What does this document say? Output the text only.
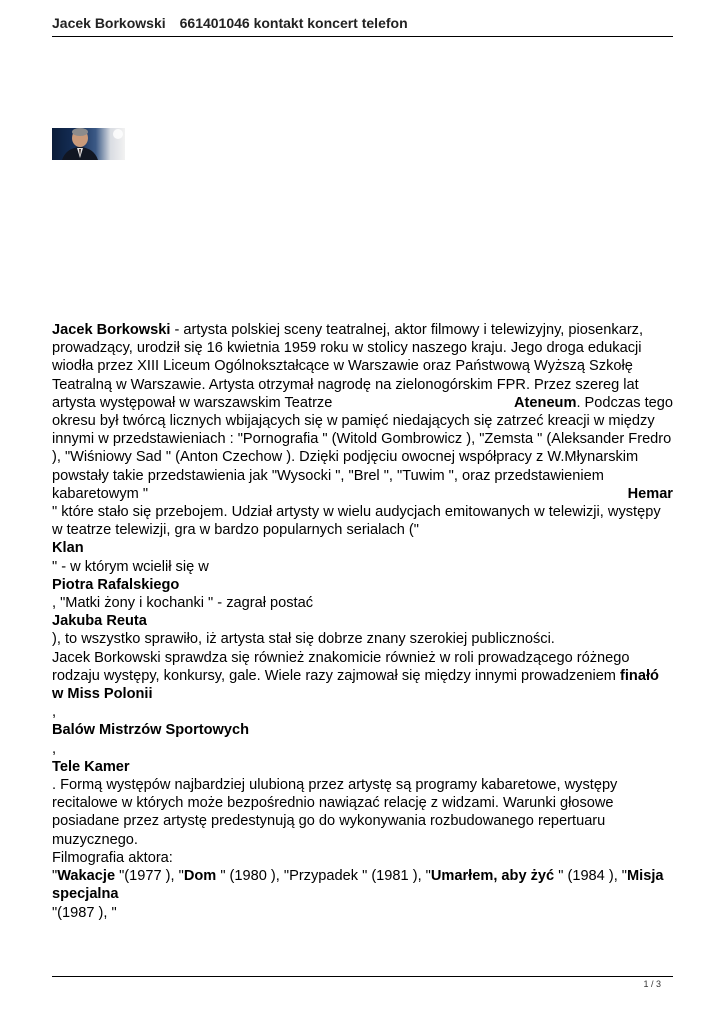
Jacek Borkowski 661401046 kontakt koncert telefon

Jacek Borkowski - artysta polskiej sceny teatralnej, aktor filmowy i telewizyjny, piosenkarz,

prowadzący, urodził się 16 kwietnia 1959 roku w stolicy naszego kraju. Jego droga edukacji

wiodła przez XIII Liceum Ogólnokształcące w Warszawie oraz Państwową Wyższą Szkołę

Teatralną w Warszawie. Artysta otrzymał nagrodę na zielonogórskim FPR. Przez szereg lat

artysta występował w warszawskim Teatrze	Ateneum. Podczas tego

okresu był twórcą licznych wbijających się w pamięć niedających się zatrzeć kreacji w między

innymi w przedstawieniach : "Pornografia " (Witold Gombrowicz ), "Zemsta " (Aleksander Fredro

), "Wiśniowy Sad " (Anton Czechow ). Dzięki podjęciu owocnej współpracy z W.Młynarskim

powstały takie przedstawienia jak "Wysocki ", "Brel ", "Tuwim ", oraz przedstawieniem

kabaretowym "	Hemar

" które stało się przebojem. Udział artysty w wielu audycjach emitowanych w telewizji, występy

w teatrze telewizji, gra w bardzo popularnych serialach ("

Klan

" - w którym wcielił się w

Piotra Rafalskiego

, "Matki żony i kochanki " - zagrał postać

Jakuba Reuta

), to wszystko sprawiło, iż artysta stał się dobrze znany szerokiej publiczności.

Jacek Borkowski sprawdza się również znakomicie również w roli prowadzącego różnego

rodzaju występy, konkursy, gale. Wiele razy zajmował się między innymi prowadzeniem finałó

w Miss Polonii

,

Balów Mistrzów Sportowych

,

Tele Kamer

. Formą występów najbardziej ulubioną przez artystę są programy kabaretowe, występy

recitalowe w których może bezpośrednio nawiązać relację z widzami. Warunki głosowe

posiadane przez artystę predestynują go do wykonywania rozbudowanego repertuaru

muzycznego.

Filmografia aktora:

"Wakacje "(1977 ), "Dom " (1980 ), "Przypadek " (1981 ), "Umarłem, aby żyć " (1984 ), "Misja

specjalna

"(1987 ), "

1 / 3
